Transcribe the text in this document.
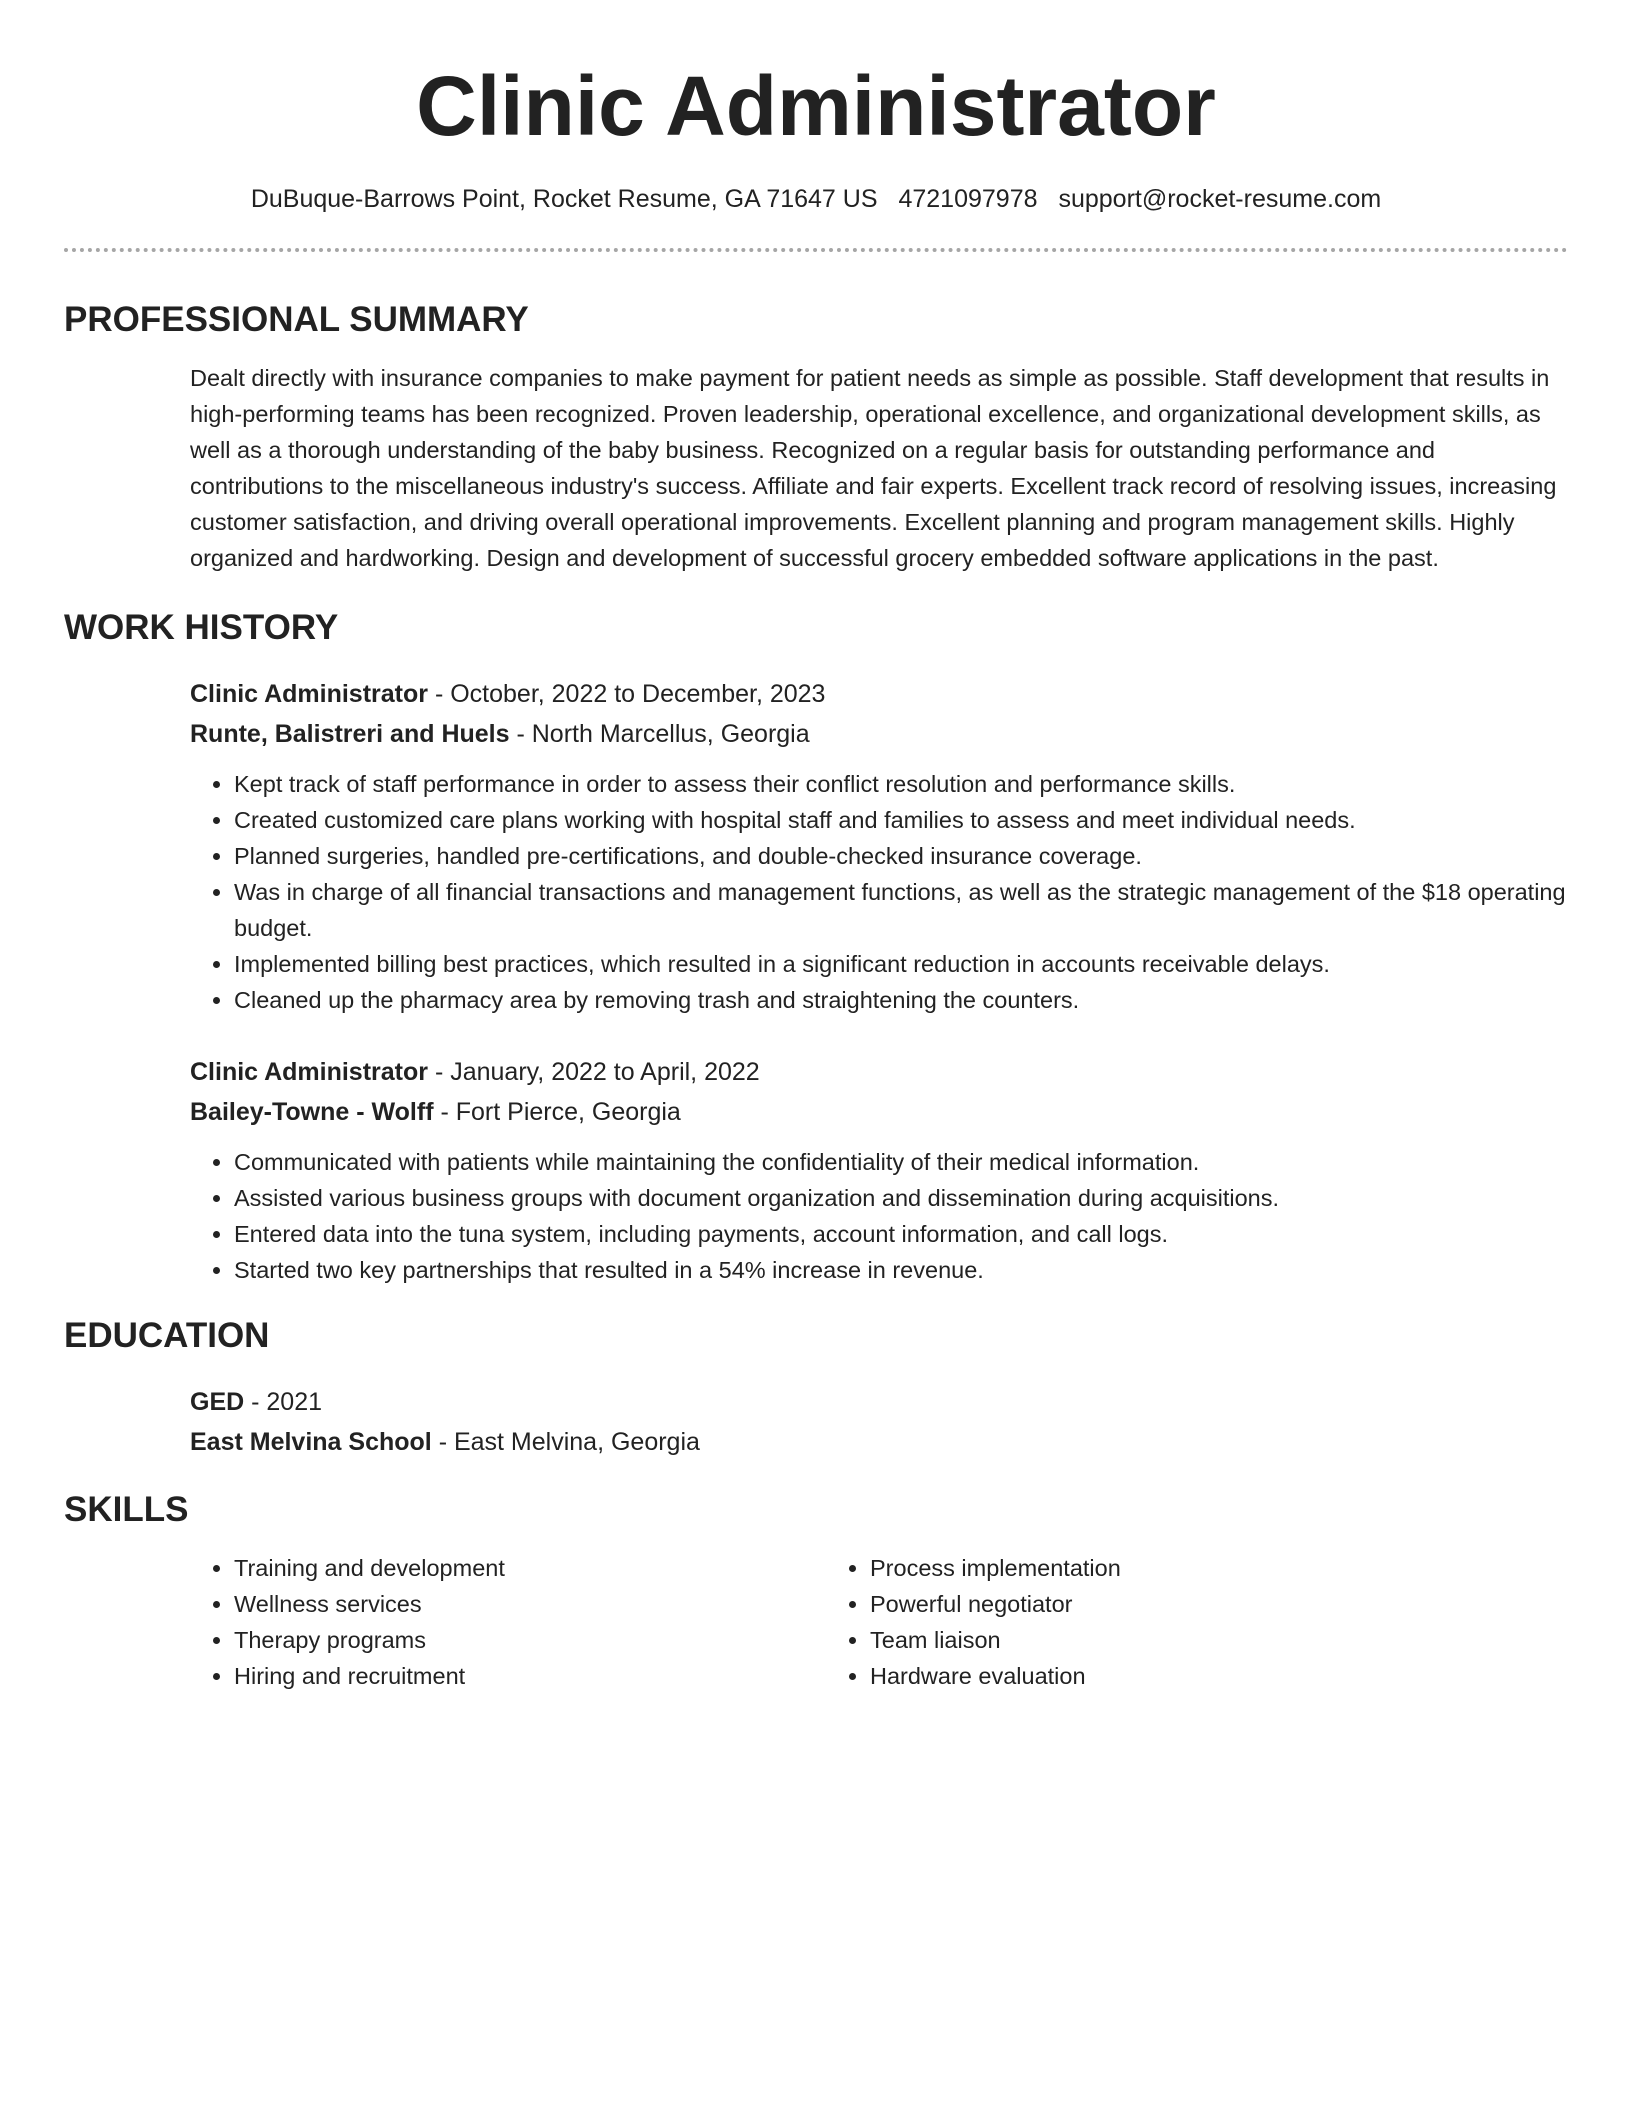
Clinic Administrator
DuBuque-Barrows Point, Rocket Resume, GA 71647 US 4721097978 support@rocket-resume.com
PROFESSIONAL SUMMARY

Dealt directly with insurance companies to make payment for patient needs as simple as possible. Staff development that results in high-performing teams has been recognized. Proven leadership, operational excellence, and organizational development skills, as well as a thorough understanding of the baby business. Recognized on a regular basis for outstanding performance and contributions to the miscellaneous industry's success. Affiliate and fair experts. Excellent track record of resolving issues, increasing customer satisfaction, and driving overall operational improvements. Excellent planning and program management skills. Highly organized and hardworking. Design and development of successful grocery embedded software applications in the past.

WORK HISTORY
Clinic Administrator - October, 2022 to December, 2023
Runte, Balistreri and Huels - North Marcellus, Georgia
• Kept track of staff performance in order to assess their conflict resolution and performance skills.
• Created customized care plans working with hospital staff and families to assess and meet individual needs.
• Planned surgeries, handled pre-certifications, and double-checked insurance coverage.
• Was in charge of all financial transactions and management functions, as well as the strategic management of the $18 operating budget.
• Implemented billing best practices, which resulted in a significant reduction in accounts receivable delays.
• Cleaned up the pharmacy area by removing trash and straightening the counters.
Clinic Administrator - January, 2022 to April, 2022
Bailey-Towne - Wolff - Fort Pierce, Georgia
• Communicated with patients while maintaining the confidentiality of their medical information.
• Assisted various business groups with document organization and dissemination during acquisitions.
• Entered data into the tuna system, including payments, account information, and call logs.
• Started two key partnerships that resulted in a 54% increase in revenue.
EDUCATION
GED - 2021
East Melvina School - East Melvina, Georgia
SKILLS
• Training and development
• Wellness services
• Therapy programs
• Hiring and recruitment
• Process implementation
• Powerful negotiator
• Team liaison
• Hardware evaluation
